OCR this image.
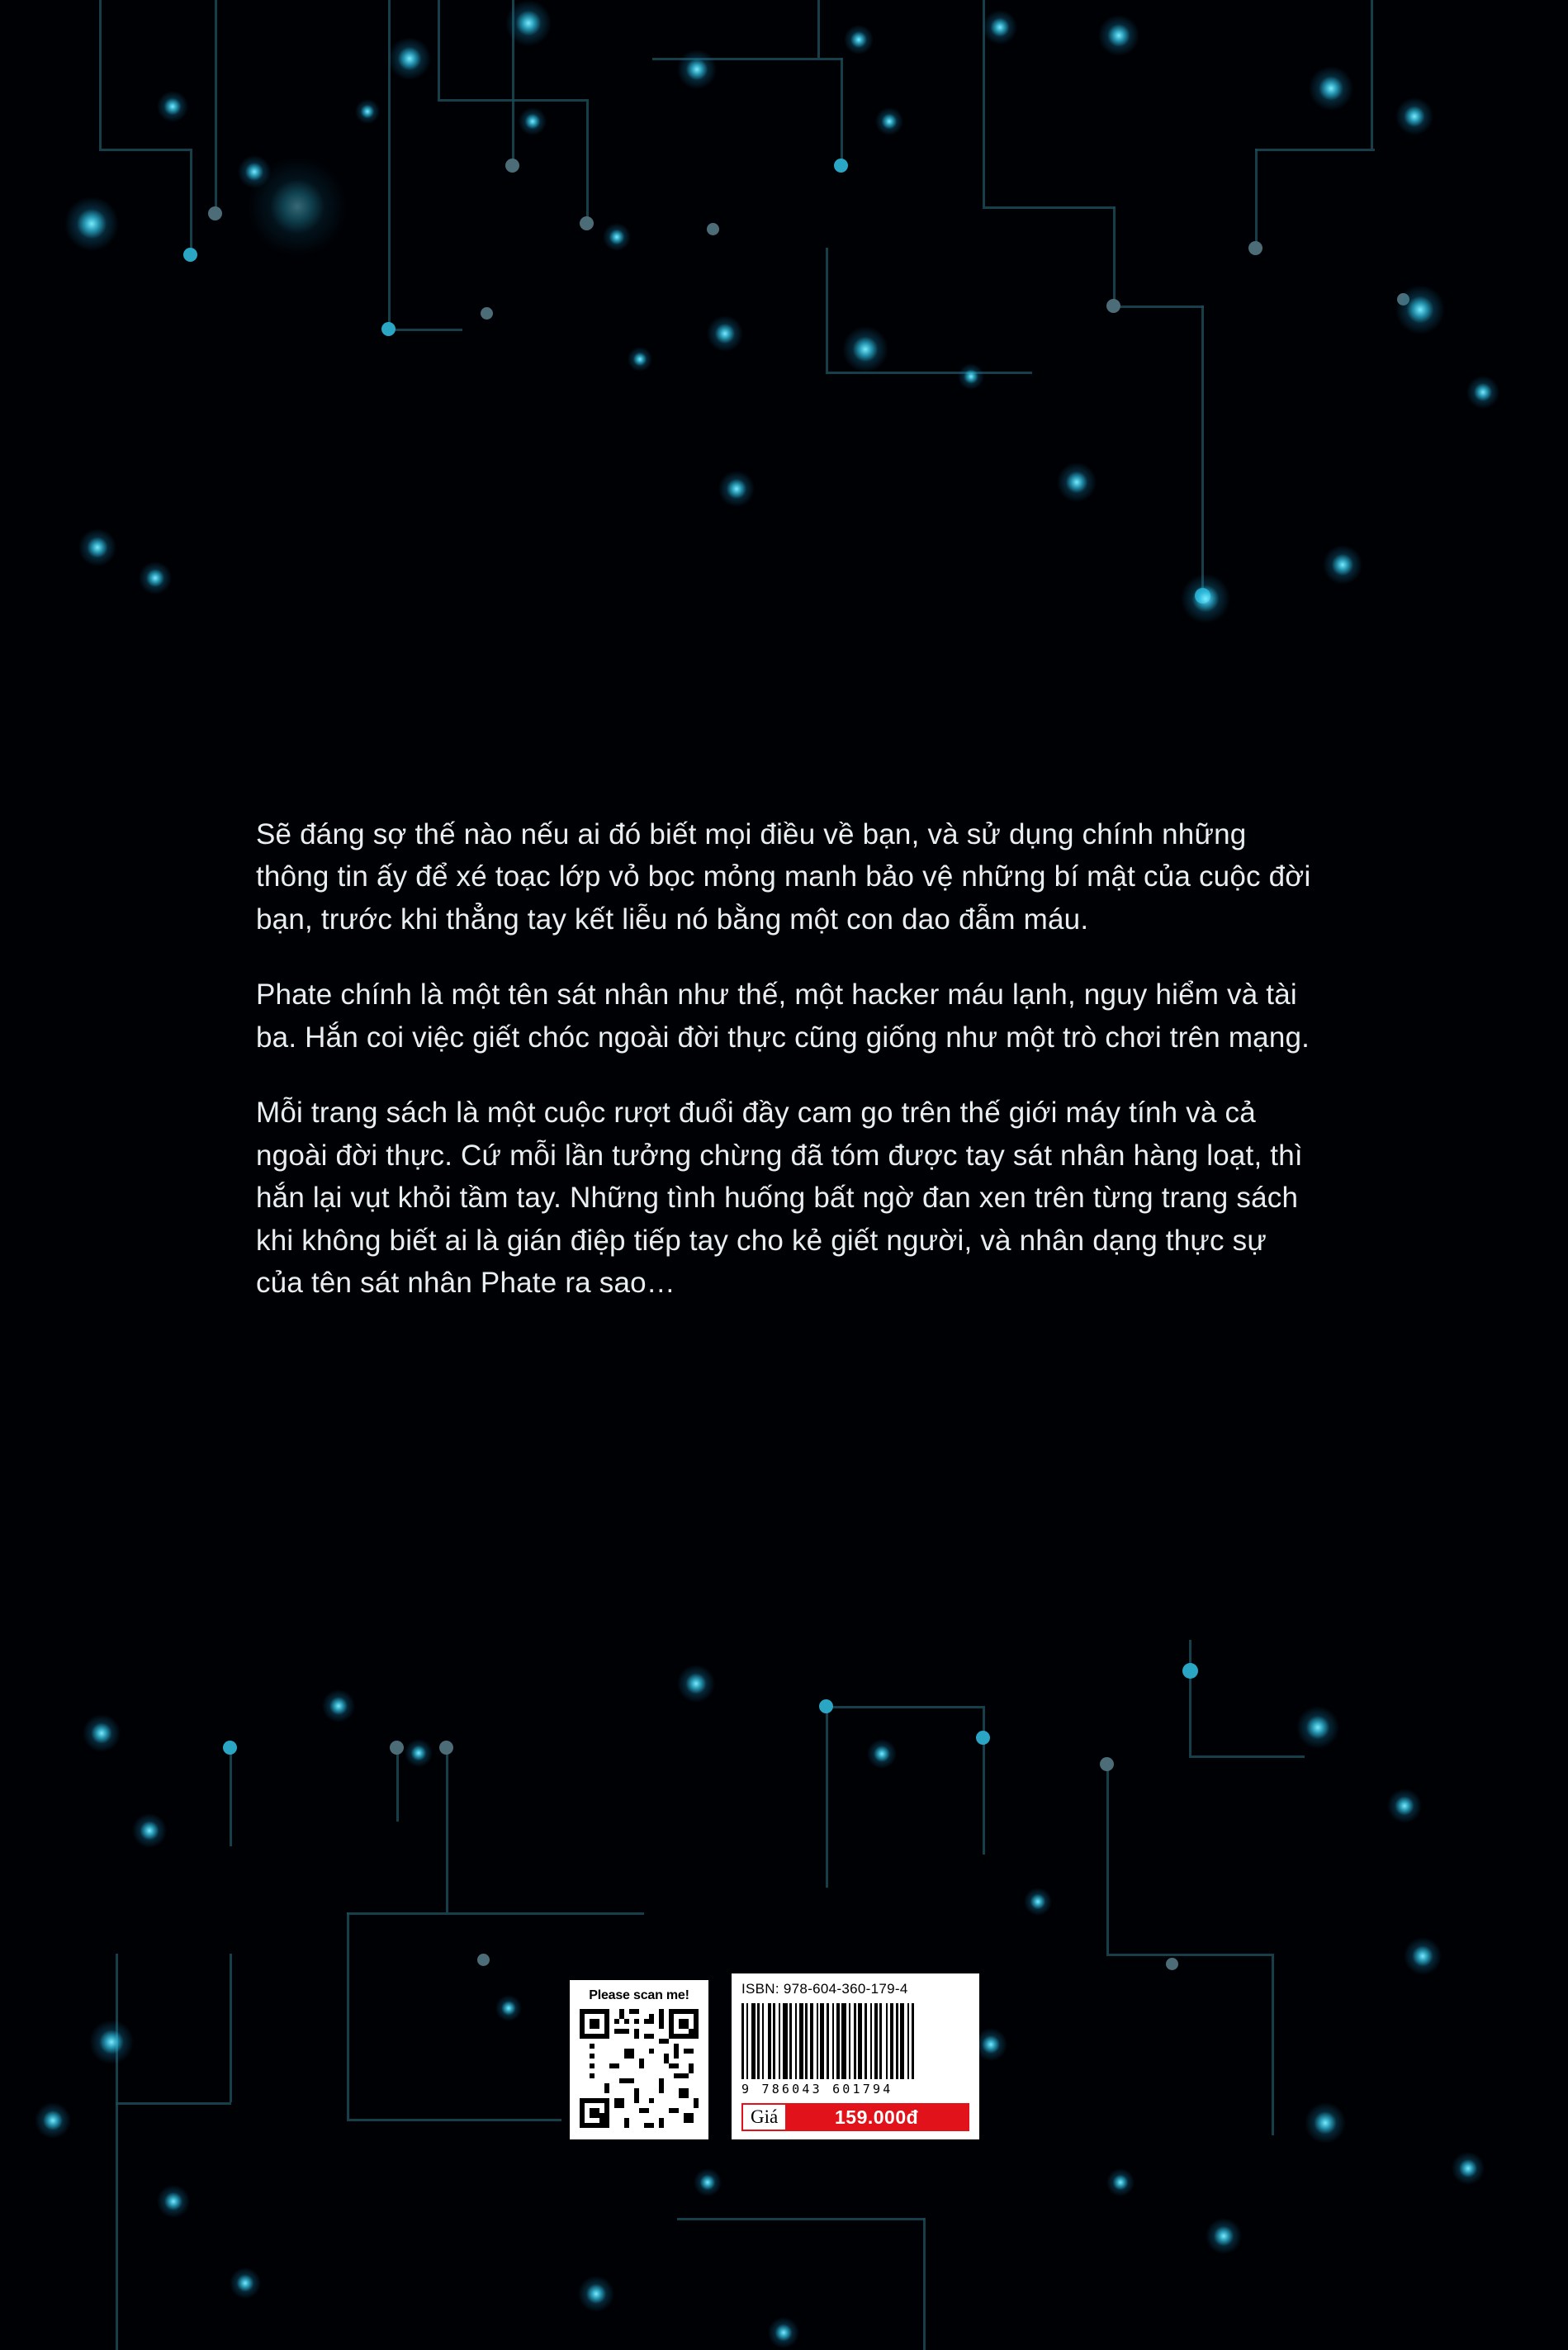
Sẽ đáng sợ thế nào nếu ai đó biết mọi điều về bạn, và sử dụng chính những thông tin ấy để xé toạc lớp vỏ bọc mỏng manh bảo vệ những bí mật của cuộc đời bạn, trước khi thẳng tay kết liễu nó bằng một con dao đẫm máu.

Phate chính là một tên sát nhân như thế, một hacker máu lạnh, nguy hiểm và tài ba. Hắn coi việc giết chóc ngoài đời thực cũng giống như một trò chơi trên mạng.

Mỗi trang sách là một cuộc rượt đuổi đầy cam go trên thế giới máy tính và cả ngoài đời thực. Cứ mỗi lần tưởng chừng đã tóm được tay sát nhân hàng loạt, thì hắn lại vụt khỏi tầm tay. Những tình huống bất ngờ đan xen trên từng trang sách khi không biết ai là gián điệp tiếp tay cho kẻ giết người, và nhân dạng thực sự của tên sát nhân Phate ra sao…

Please scan me!	ISBN: 978-604-360-179-4
9 786043 601794
Giá	159.000đ
